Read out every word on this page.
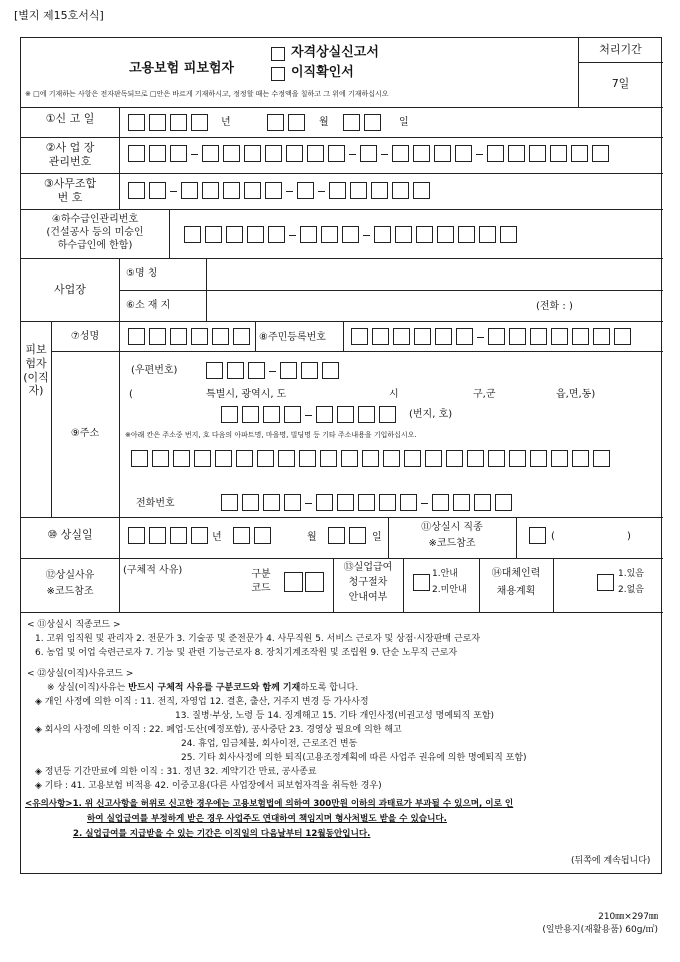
[별지 제15호서식]
고용보험 피보험자
자격상실신고서
이직확인서
※ □에 기재하는 사항은 전자판독되므로 □안은 바르게 기재하시고, 정정할 때는 수정액을 칠하고 그 위에 기재하십시오
처리기간
7일
①신 고 일	년	월	일
②사 업 장
관리번호
③사무조합
번 호
④하수급인관리번호
(건설공사 등의 미승인
하수급인에 한함)
사업장
⑤명 칭
⑥소 재 지	(전화 : )
피보험자(이직자)
⑦성명	⑧주민등록번호
⑨주소
(우편번호)
(	특별시, 광역시, 도	시	구,군	읍,면,동)
(번지, 호)
※아래 칸은 주소중 번지, 호 다음의 아파트명, 마을명, 빌딩명 등 기타 주소내용을 기입하십시오.
전화번호
⑩ 상실일	년	월	일
⑪상실시 직종
※코드참조
(	)
⑫상실사유
※코드참조
(구체적 사유)	구분
코드
⑬실업급여
청구절차
안내여부
1.안내
2.미안내
⑭대체인력
채용계획
1.있음
2.없음
< ⑪상실시 직종코드 >
1. 고위 임직원 및 관리자 2. 전문가 3. 기술공 및 준전문가 4. 사무직원 5. 서비스 근로자 및 상점·시장판매 근로자
6. 농업 및 어업 숙련근로자 7. 기능 및 관련 기능근로자 8. 장치기계조작원 및 조립원 9. 단순 노무직 근로자
< ⑫상실(이직)사유코드 >
※ 상실(이직)사유는 반드시 구체적 사유를 구분코드와 함께 기재하도록 합니다.
◈ 개인 사정에 의한 이직 : 11. 전직, 자영업 12. 결혼, 출산, 거주지 변경 등 가사사정
13. 질병·부상, 노령 등 14. 징계해고 15. 기타 개인사정(비권고성 명예퇴직 포함)
◈ 회사의 사정에 의한 이직 : 22. 폐업·도산(예정포함), 공사중단 23. 경영상 필요에 의한 해고
24. 휴업, 임금체불, 회사이전, 근로조건 변동
25. 기타 회사사정에 의한 퇴직(고용조정계획에 따른 사업주 권유에 의한 명예퇴직 포함)
◈ 정년등 기간만료에 의한 이직 : 31. 정년 32. 계약기간 만료, 공사종료
◈ 기타 : 41. 고용보험 비적용 42. 이중고용(다른 사업장에서 피보험자격을 취득한 경우)
<유의사항>1. 위 신고사항을 허위로 신고한 경우에는 고용보험법에 의하여 300만원 이하의 과태료가 부과될 수 있으며, 이로 인
하여 실업급여를 부정하게 받은 경우 사업주도 연대하여 책임지며 형사처벌도 받을 수 있습니다.
2. 실업급여를 지급받을 수 있는 기간은 이직일의 다음날부터 12월동안입니다.
(뒤쪽에 계속됩니다)
210㎜×297㎜
(일반용지(재활용품) 60g/㎡)
